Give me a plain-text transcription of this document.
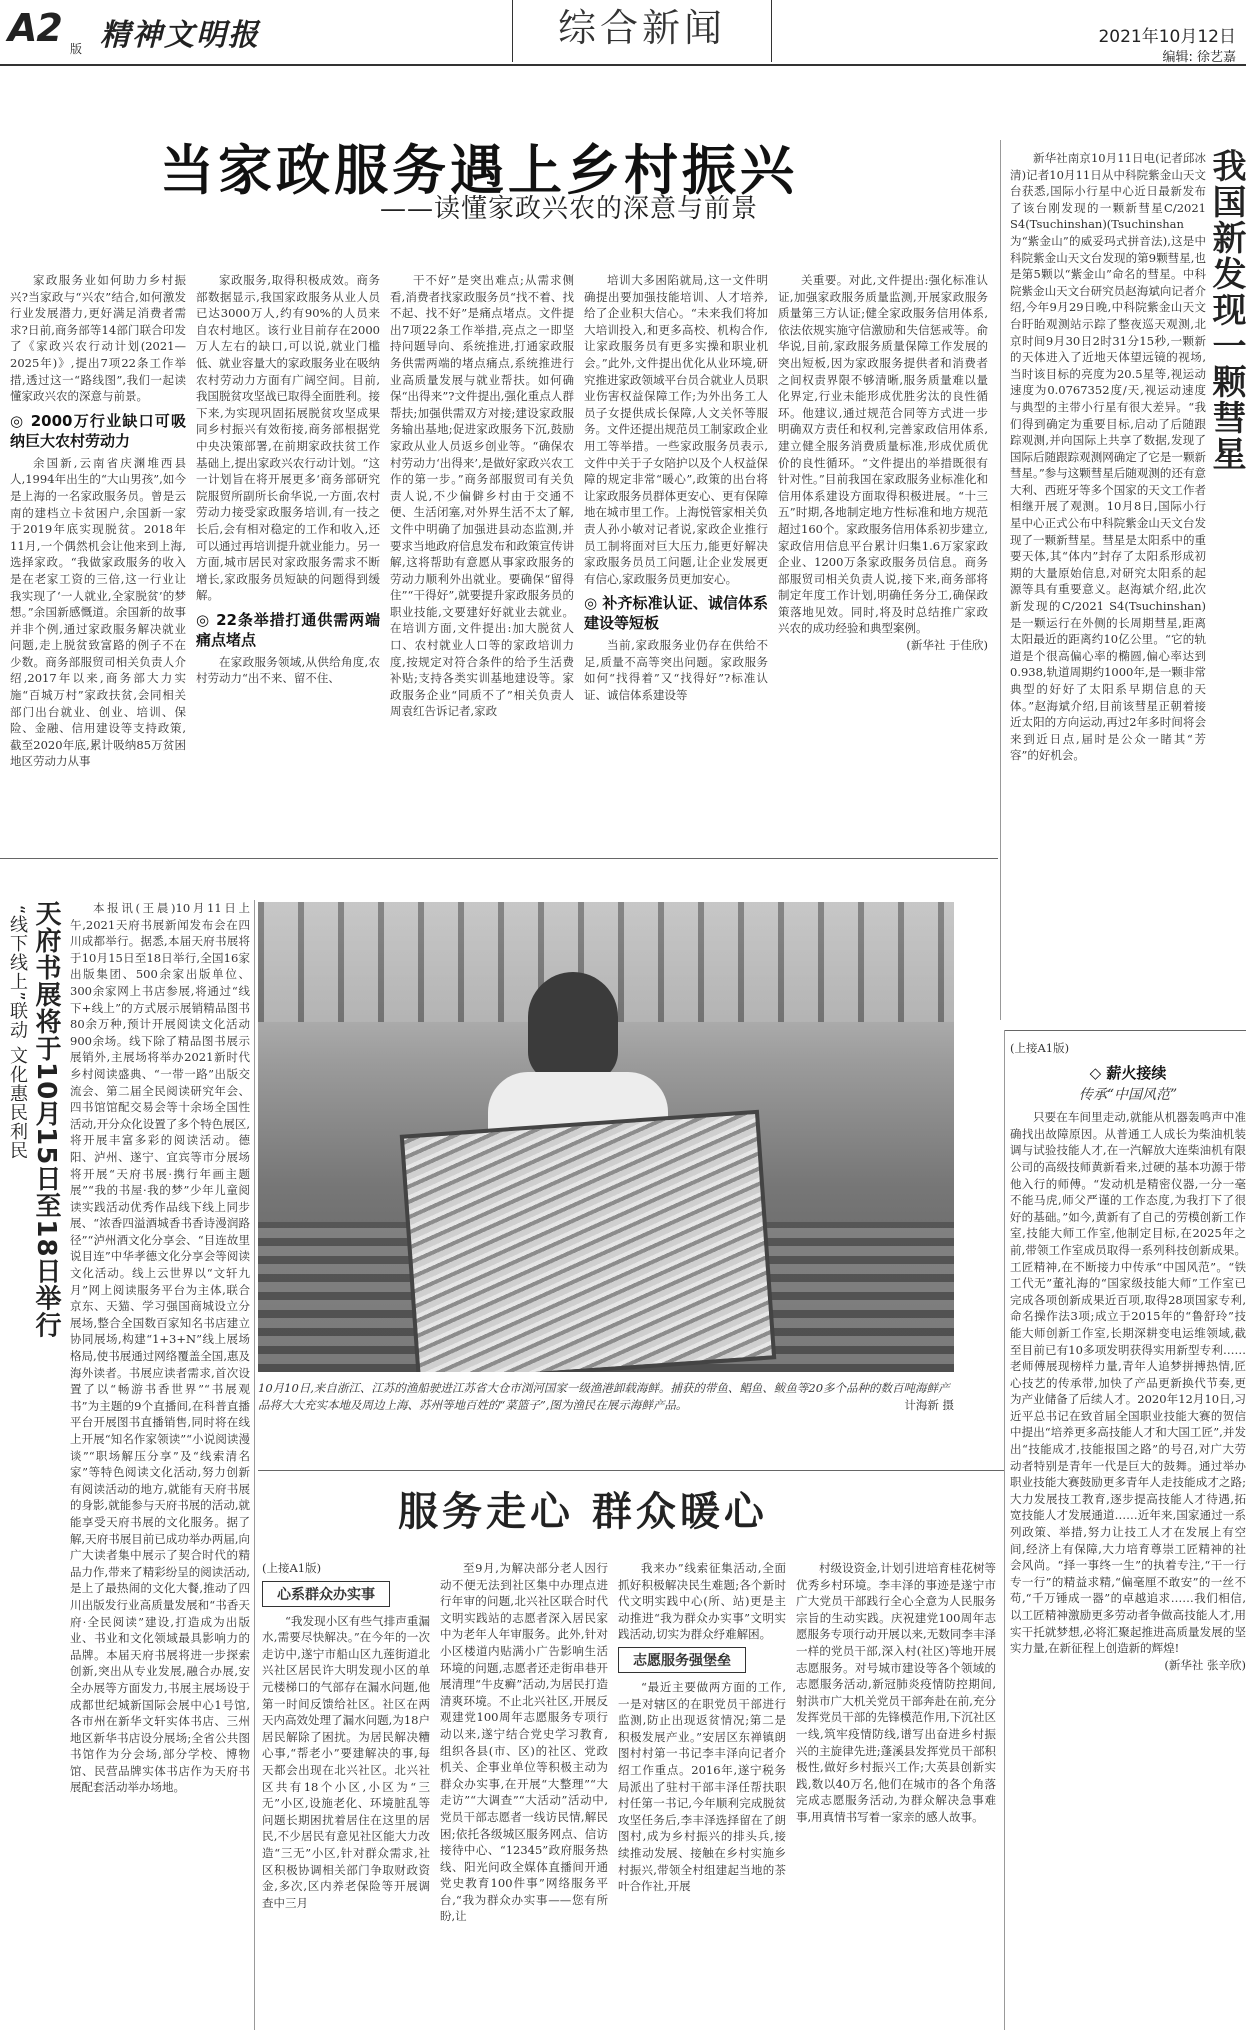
A2 版 精神文明报	综合新闻	2021年10月12日
编辑: 徐艺嘉
当家政服务遇上乡村振兴
——读懂家政兴农的深意与前景

家政服务业如何助力乡村振兴?当家政与“兴农”结合,如何激发行业发展潜力,更好满足消费者需求?日前,商务部等14部门联合印发了《家政兴农行动计划(2021—2025年)》,提出7项22条工作举措,透过这一“路线图”,我们一起读懂家政兴农的深意与前景。

◎ 2000万行业缺口可吸纳巨大农村劳动力

余国新,云南省庆渊堆西县人,1994年出生的“大山男孩”,如今是上海的一名家政服务员。曾是云南的建档立卡贫困户,余国新一家于2019年底实现脱贫。2018年11月,一个偶然机会让他来到上海,选择家政。“我做家政服务的收入是在老家工资的三倍,这一行业让我实现了‘一人就业,全家脱贫’的梦想。”余国新感慨道。余国新的故事并非个例,通过家政服务解决就业问题,走上脱贫致富路的例子不在少数。商务部服贸司相关负责人介绍,2017年以来,商务部大力实施“百城万村”家政扶贫,会同相关部门出台就业、创业、培训、保险、金融、信用建设等支持政策,截至2020年底,累计吸纳85万贫困地区劳动力从事

家政服务,取得积极成效。商务部数据显示,我国家政服务从业人员已达3000万人,约有90%的人员来自农村地区。该行业目前存在2000万人左右的缺口,可以说,就业门槛低、就业容量大的家政服务业在吸纳农村劳动力方面有广阔空间。目前,我国脱贫攻坚战已取得全面胜利。接下来,为实现巩固拓展脱贫攻坚成果同乡村振兴有效衔接,商务部根据党中央决策部署,在前期家政扶贫工作基础上,提出家政兴农行动计划。“这一计划旨在将开展更多‘商务部研究院服贸所副所长俞华说,一方面,农村劳动力接受家政服务培训,有一技之长后,会有相对稳定的工作和收入,还可以通过再培训提升就业能力。另一方面,城市居民对家政服务需求不断增长,家政服务员短缺的问题得到缓解。

◎ 22条举措打通供需两端痛点堵点

在家政服务领域,从供给角度,农村劳动力“出不来、留不住、

干不好”是突出难点;从需求侧看,消费者找家政服务员“找不着、找不起、找不好”是痛点堵点。文件提出7项22条工作举措,亮点之一即坚持问题导向、系统推进,打通家政服务供需两端的堵点痛点,系统推进行业高质量发展与就业帮扶。如何确保“出得来”?文件提出,强化重点人群帮扶;加强供需双方对接;建设家政服务输出基地;促进家政服务下沉,鼓励家政从业人员返乡创业等。“确保农村劳动力‘出得来’,是做好家政兴农工作的第一步。”商务部服贸司有关负责人说,不少偏僻乡村由于交通不便、生活闭塞,对外界生活不太了解,文件中明确了加强进县动态监测,并要求当地政府信息发布和政策宣传讲解,这将帮助有意愿从事家政服务的劳动力顺利外出就业。要确保“留得住”“干得好”,就要提升家政服务员的职业技能,文要建好好就业去就业。在培训方面,文件提出:加大脱贫人口、农村就业人口等的家政培训力度,按规定对符合条件的给予生活费补贴;支持各类实训基地建设等。家政服务企业“同质不了”相关负责人周袁红告诉记者,家政

培训大多困陷就局,这一文件明确提出要加强技能培训、人才培养,给了企业积大信心。“未来我们将加大培训投入,和更多高校、机构合作,让家政服务员有更多实操和职业机会。”此外,文件提出优化从业环境,研究推进家政领域平台员合就业人员职业伤害权益保障工作;为外出务工人员子女提供成长保障,人文关怀等服务。文件还提出规范员工制家政企业用工等举措。一些家政服务员表示,文件中关于子女陪护以及个人权益保障的规定非常“暖心”,政策的出台将让家政服务员群体更安心、更有保障地在城市里工作。上海悦管家相关负责人孙小敏对记者说,家政企业推行员工制将面对巨大压力,能更好解决家政服务员员工问题,让企业发展更有信心,家政服务员更加安心。

◎ 补齐标准认证、诚信体系建设等短板

当前,家政服务业仍存在供给不足,质量不高等突出问题。家政服务如何“找得着”又“找得好”?标准认证、诚信体系建设等

关重要。对此,文件提出:强化标准认证,加强家政服务质量监测,开展家政服务质量第三方认证;健全家政服务信用体系,依法依规实施守信激励和失信惩戒等。俞华说,目前,家政服务质量保障工作发展的突出短板,因为家政服务提供者和消费者之间权责界限不够清晰,服务质量难以量化界定,行业未能形成优胜劣汰的良性循环。他建议,通过规范合同等方式进一步明确双方责任和权利,完善家政信用体系,建立健全服务消费质量标准,形成优质优价的良性循环。“文件提出的举措既很有针对性。”目前我国在家政服务业标准化和信用体系建设方面取得积极进展。“十三五”时期,各地制定地方性标准和地方规范超过160个。家政服务信用体系初步建立,家政信用信息平台累计归集1.6万家家政企业、1200万条家政服务员信息。商务部服贸司相关负责人说,接下来,商务部将制定年度工作计划,明确任务分工,确保政策落地见效。同时,将及时总结推广家政兴农的成功经验和典型案例。

(新华社 于佳欣)

我国新发现一颗彗星

新华社南京10月11日电(记者邱冰清)记者10月11日从中科院紫金山天文台获悉,国际小行星中心近日最新发布了该台刚发现的一颗新彗星C/2021 S4(Tsuchinshan)(Tsuchinshan为“紫金山”的威妥玛式拼音法),这是中科院紫金山天文台发现的第9颗彗星,也是第5颗以“紫金山”命名的彗星。中科院紫金山天文台研究员赵海斌向记者介绍,今年9月29日晚,中科院紫金山天文台盱眙观测站示踪了整夜巡天观测,北京时间9月30日2时31分15秒,一颗新的天体进入了近地天体望远镜的视场,当时该目标的亮度为20.5星等,视运动速度为0.0767352度/天,视运动速度与典型的主带小行星有很大差异。“我们得到确定为重要目标,启动了后随跟踪观测,并向国际上共享了数据,发现了国际后随跟踪观测网确定了它是一颗新彗星。”参与这颗彗星后随观测的还有意大利、西班牙等多个国家的天文工作者相继开展了观测。10月8日,国际小行星中心正式公布中科院紫金山天文台发现了一颗新彗星。彗星是太阳系中的重要天体,其“体内”封存了太阳系形成初期的大量原始信息,对研究太阳系的起源等具有重要意义。赵海斌介绍,此次新发现的C/2021 S4(Tsuchinshan)是一颗运行在外侧的长周期彗星,距离太阳最近的距离约10亿公里。“它的轨道是个很高偏心率的椭圆,偏心率达到0.938,轨道周期约1000年,是一颗非常典型的好好了太阳系早期信息的天体。”赵海斌介绍,目前该彗星正朝着接近太阳的方向运动,再过2年多时间将会来到近日点,届时是公众一睹其“芳容”的好机会。

(上接A1版)

◇ 薪火接续
传承“中国风范”

只要在车间里走动,就能从机器轰鸣声中准确找出故障原因。从普通工人成长为柴油机装调与试验技能人才,在一汽解放大连柴油机有限公司的高级技师黄新看来,过硬的基本功源于带他入行的师傅。“发动机是精密仪器,一分一毫不能马虎,师父严谨的工作态度,为我打下了很好的基础。”如今,黄新有了自己的劳模创新工作室,技能大师工作室,他制定目标,在2025年之前,带领工作室成员取得一系列科技创新成果。工匠精神,在不断接力中传承“中国风范”。“铁工代无”董礼海的“国家级技能大师”工作室已完成各项创新成果近百项,取得28项国家专利,命名操作法3项;成立于2015年的“鲁舒玲”技能大师创新工作室,长期深耕变电运维领域,截至目前已有10多项发明获得实用新型专利……老师傅展现榜样力量,青年人追梦拼搏热情,匠心技艺的传承带,加快了产品更新换代节奏,更为产业储备了后续人才。2020年12月10日,习近平总书记在致首届全国职业技能大赛的贺信中提出“培养更多高技能人才和大国工匠”,并发出“技能成才,技能报国之路”的号召,对广大劳动者特别是青年一代是巨大的鼓舞。通过举办职业技能大赛鼓励更多青年人走技能成才之路;大力发展技工教育,逐步提高技能人才待遇,拓宽技能人才发展通道……近年来,国家通过一系列政策、举措,努力让技工人才在发展上有空间,经济上有保障,大力培育尊崇工匠精神的社会风尚。“择一事终一生”的执着专注,“干一行专一行”的精益求精,“偏毫厘不敢安”的一丝不苟,“千万锤成一器”的卓越追求……我们相信,以工匠精神激励更多劳动者争做高技能人才,用实干托就梦想,必将汇聚起推进高质量发展的坚实力量,在新征程上创造新的辉煌!

(新华社 张辛欣)

天府书展将于10月15日至18日举行
“线下线上”联动 文化惠民利民	本报讯(王晨)10月11日上午,2021天府书展新闻发布会在四川成都举行。据悉,本届天府书展将于10月15日至18日举行,全国16家出版集团、500余家出版单位、300余家网上书店参展,将通过“线下+线上”的方式展示展销精品图书80余万种,预计开展阅读文化活动900余场。线下除了精品图书展示展销外,主展场将举办2021新时代乡村阅读盛典、“一带一路”出版交流会、第二届全民阅读研究年会、四书馆馆配交易会等十余场全国性活动,开分众化设置了多个特色展区,将开展丰富多彩的阅读活动。德阳、泸州、遂宁、宜宾等市分展场将开展“天府书展·携行年画主题展”“我的书屋·我的梦”少年儿童阅读实践活动优秀作品线下线上同步展、“浓香四溢酒城香书香诗漫润路径”“泸州酒文化分享会、“目连故里说目连”中华孝德文化分享会等阅读文化活动。线上云世界以“文轩九月”网上阅读服务平台为主体,联合京东、天猫、学习强国商城设立分展场,整合全国数百家知名书店建立协同展场,构建“1+3+N”线上展场格局,使书展通过网络覆盖全国,惠及海外读者。书展应读者需求,首次设置了以“畅游书香世界”“书展观书”为主题的9个直播间,在科普直播平台开展图书直播销售,同时将在线上开展“知名作家领读”“小说阅读漫谈”“职场解压分享”及“线索清名家”等特色阅读文化活动,努力创新有阅读活动的地方,就能有天府书展的身影,就能参与天府书展的活动,就能享受天府书展的文化服务。据了解,天府书展目前已成功举办两届,向广大读者集中展示了契合时代的精品力作,带来了精彩纷呈的阅读活动,是上了最热闹的文化大餐,推动了四川出版发行业高质量发展和“书香天府·全民阅读”建设,打造成为出版业、书业和文化领域最具影响力的品牌。本届天府书展将进一步探索创新,突出从专业发展,融合办展,安全办展等方面发力,书展主展场设于成都世纪城新国际会展中心1号馆,各市州在新华文轩实体书店、三州地区新华书店设分展场;全省公共图书馆作为分会场,部分学校、博物馆、民营品牌实体书店作为天府书展配套活动举办场地。

10月10日,来自浙江、江苏的渔船驶进江苏省大仓市浏河国家一级渔港卸载海鲜。捕获的带鱼、鲳鱼、鲅鱼等20多个品种的数百吨海鲜产品将大大充实本地及周边上海、苏州等地百姓的“菜篮子”,图为渔民在展示海鲜产品。	计海新 摄
服务走心 群众暖心

(上接A1版)

心系群众办实事

“我发现小区有些气排声重漏水,需要尽快解决。”在今年的一次走访中,遂宁市船山区九莲街道北兴社区居民许大明发现小区的单元楼梯口的气部存在漏水问题,他第一时间反馈给社区。社区在两天内高效处理了漏水问题,为18户居民解除了困扰。为居民解决糟心事,“帮老小”要建解决的事,每天都会出现在北兴社区。北兴社区共有18个小区,小区为“三无”小区,设施老化、环境脏乱等问题长期困扰着居住在这里的居民,不少居民有意见社区能大力改造“三无”小区,针对群众需求,社区积极协调相关部门争取财政资金,多次,区内养老保险等开展调查中三月

至9月,为解决部分老人因行动不便无法到社区集中办理点进行年审的问题,北兴社区联合时代文明实践站的志愿者深入居民家中为老年人年审服务。此外,针对小区楼道内贴满小广告影响生活环境的问题,志愿者还走街串巷开展清理“牛皮癣”活动,为居民打造清爽环境。不止北兴社区,开展反观建党100周年志愿服务专项行动以来,遂宁结合党史学习教育,组织各县(市、区)的社区、党政机关、企事业单位等积极主动为群众办实事,在开展“大整理”“大走访”“大调查”“大活动”活动中,党员干部志愿者一线访民情,解民困;依托各级城区服务网点、信访接待中心、“12345”政府服务热线、阳光问政全媒体直播间开通党史教育100件事”网络服务平台,“我为群众办实事——您有所盼,让

我来办”线索征集活动,全面抓好积极解决民生难题;各个新时代文明实践中心(所、站)更是主动推进“我为群众办实事”文明实践活动,切实为群众纾难解困。

志愿服务强堡垒

“最近主要做两方面的工作,一是对辖区的在职党员干部进行监测,防止出现返贫情况;第二是积极发展产业。”安居区东禅镇朗图村村第一书记李丰泽向记者介绍工作重点。2016年,遂宁税务局派出了驻村干部丰泽任帮扶职村任第一书记,今年顺利完成脱贫攻坚任务后,李丰泽选择留在了朗图村,成为乡村振兴的排头兵,接续推动发展、接触在乡村实施乡村振兴,带领全村组建起当地的茶叶合作社,开展

村级设资金,计划引进培育桂花树等优秀乡村环境。李丰泽的事迹是遂宁市广大党员干部践行全心全意为人民服务宗旨的生动实践。庆祝建党100周年志愿服务专项行动开展以来,无数同李丰泽一样的党员干部,深入村(社区)等地开展志愿服务。对号城市建设等各个领域的志愿服务活动,新冠肺炎疫情防控期间,射洪市广大机关党员干部奔赴在前,充分发挥党员干部的先锋模范作用,下沉社区一线,筑牢疫情防线,谱写出奋进乡村振兴的主旋律先进;蓬溪县发挥党员干部积极性,做好乡村振兴工作;大英县创新实践,数以40万名,他们在城市的各个角落完成志愿服务活动,为群众解决急事难事,用真情书写着一家亲的感人故事。
